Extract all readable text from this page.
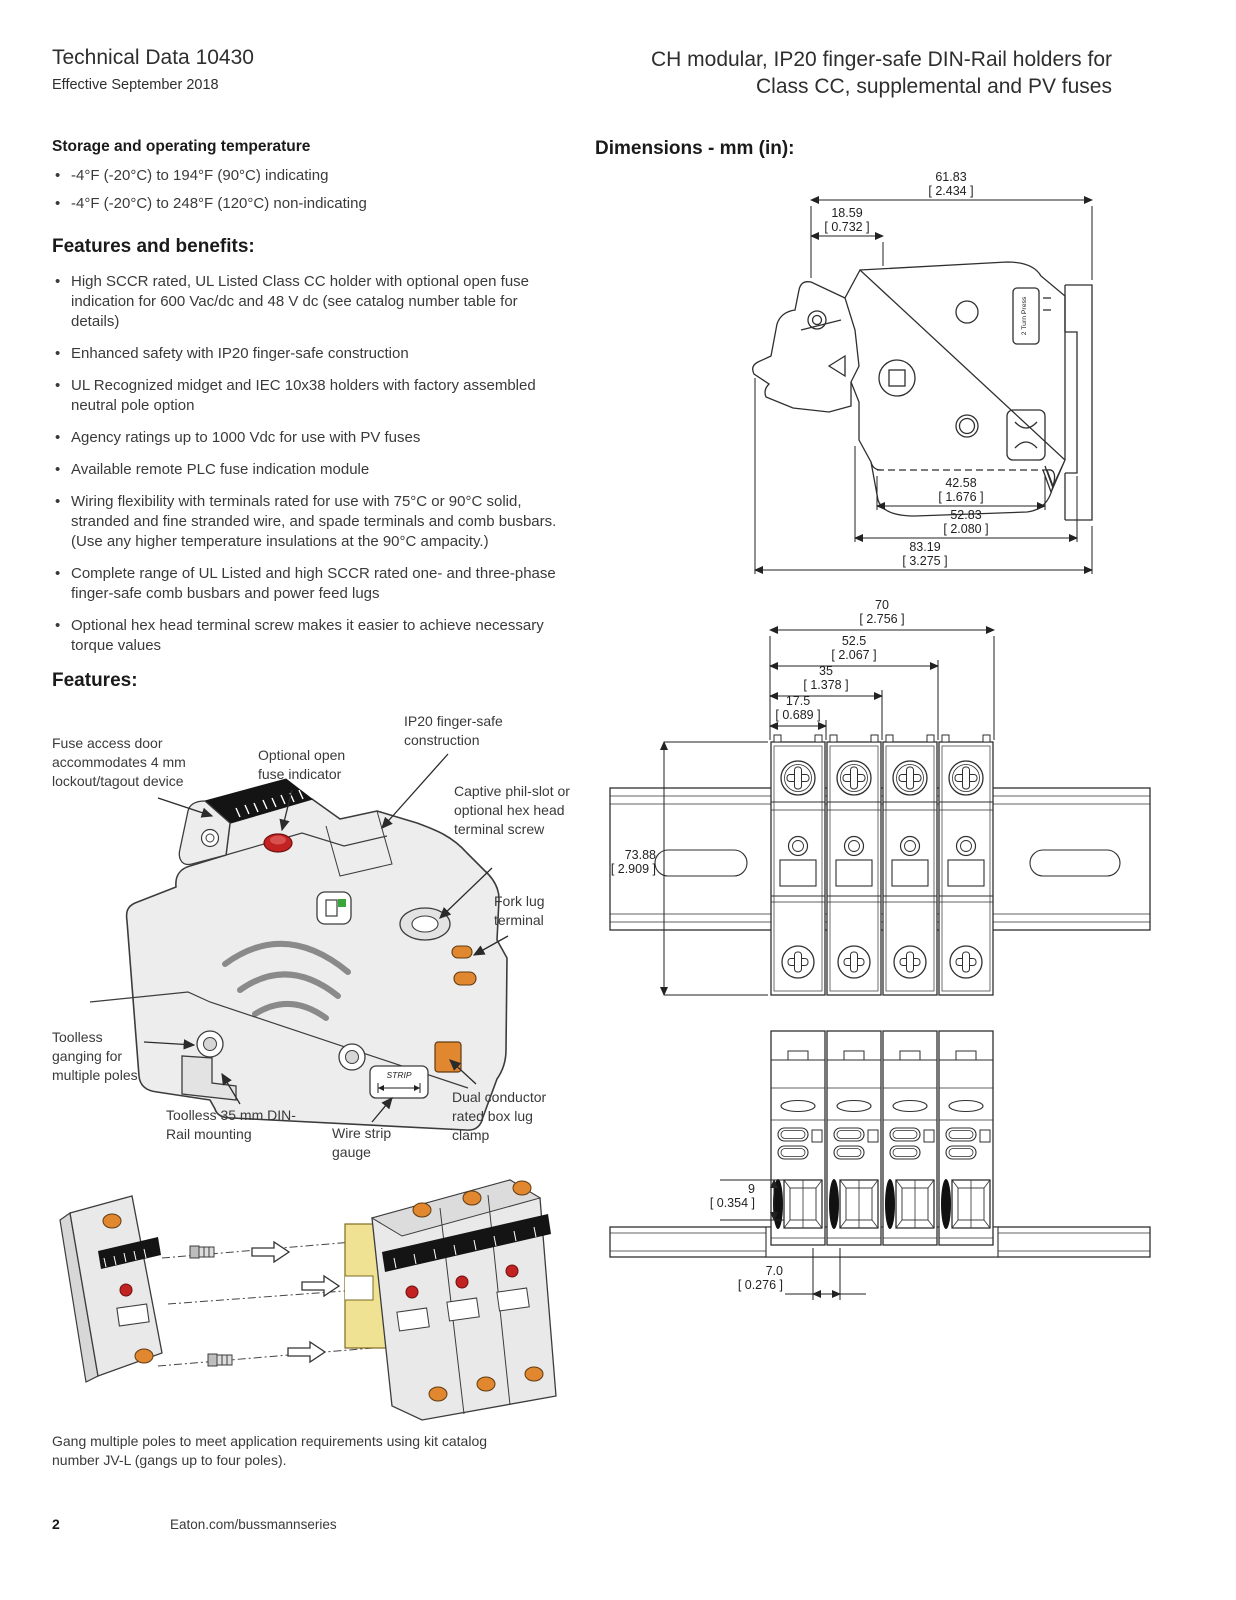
Technical Data 10430
Effective September 2018
CH modular, IP20 finger-safe DIN-Rail holders for
Class CC, supplemental and PV fuses
Storage and operating temperature
• -4°F (-20°C) to 194°F (90°C) indicating
• -4°F (-20°C) to 248°F (120°C) non-indicating
Features and benefits:
• High SCCR rated, UL Listed Class CC holder with optional open fuse indication for 600 Vac/dc and 48 V dc (see catalog number table for details)
• Enhanced safety with IP20 finger-safe construction
• UL Recognized midget and IEC 10x38 holders with factory assembled neutral pole option
• Agency ratings up to 1000 Vdc for use with PV fuses
• Available remote PLC fuse indication module
• Wiring flexibility with terminals rated for use with 75°C or 90°C solid, stranded and fine stranded wire, and spade terminals and comb busbars. (Use any higher temperature insulations at the 90°C ampacity.)
• Complete range of UL Listed and high SCCR rated one- and three-phase finger-safe comb busbars and power feed lugs
• Optional hex head terminal screw makes it easier to achieve necessary torque values
Features:
STRIP
Fuse access door accommodates 4 mm lockout/tagout device
Optional open fuse indicator
IP20 finger-safe construction
Captive phil-slot or optional hex head terminal screw
Fork lug terminal
Toolless ganging for multiple poles
Toolless 35 mm DIN-Rail mounting	Wire strip gauge
Dual conductor rated box lug clamp
Gang multiple poles to meet application requirements using kit catalog number JV-L (gangs up to four poles).
Dimensions - mm (in):
2 Turn Press
61.83
[ 2.434 ]
18.59
[ 0.732 ]
42.58
[ 1.676 ]
52.83
[ 2.080 ]
83.19
[ 3.275 ]
70
[ 2.756 ]
52.5
[ 2.067 ]
35
[ 1.378 ]
17.5
[ 0.689 ]
73.88
[ 2.909 ]
9
[ 0.354 ]
7.0
[ 0.276 ]
2	Eaton.com/bussmannseries
